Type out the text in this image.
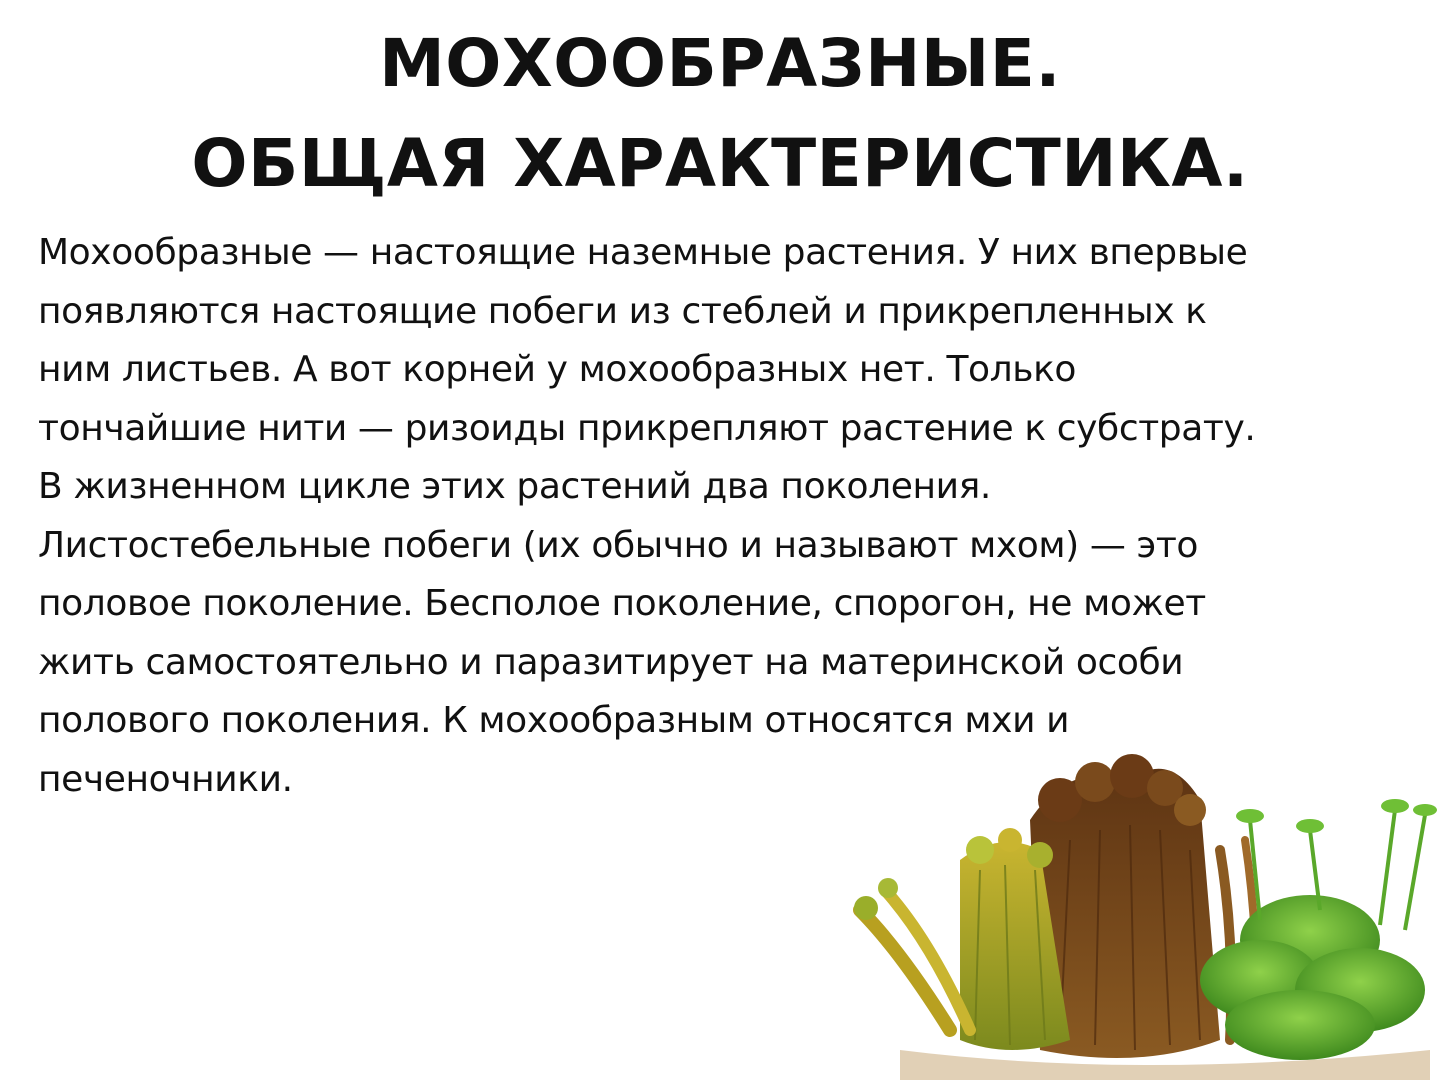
МОХООБРАЗНЫЕ.
ОБЩАЯ ХАРАКТЕРИСТИКА.
Мохообразные — настоящие наземные растения. У них впервые
появляются настоящие побеги из стеблей и прикрепленных к
ним листьев. А вот корней у мохообразных нет. Только
тончайшие нити — ризоиды прикрепляют растение к субстрату.
В жизненном цикле этих растений два поколения.
Листостебельные побеги (их обычно и называют мхом) — это
половое поколение. Бесполое поколение, спорогон, не может
жить самостоятельно и паразитирует на материнской особи
полового поколения. К мохообразным относятся мхи и
печеночники.
